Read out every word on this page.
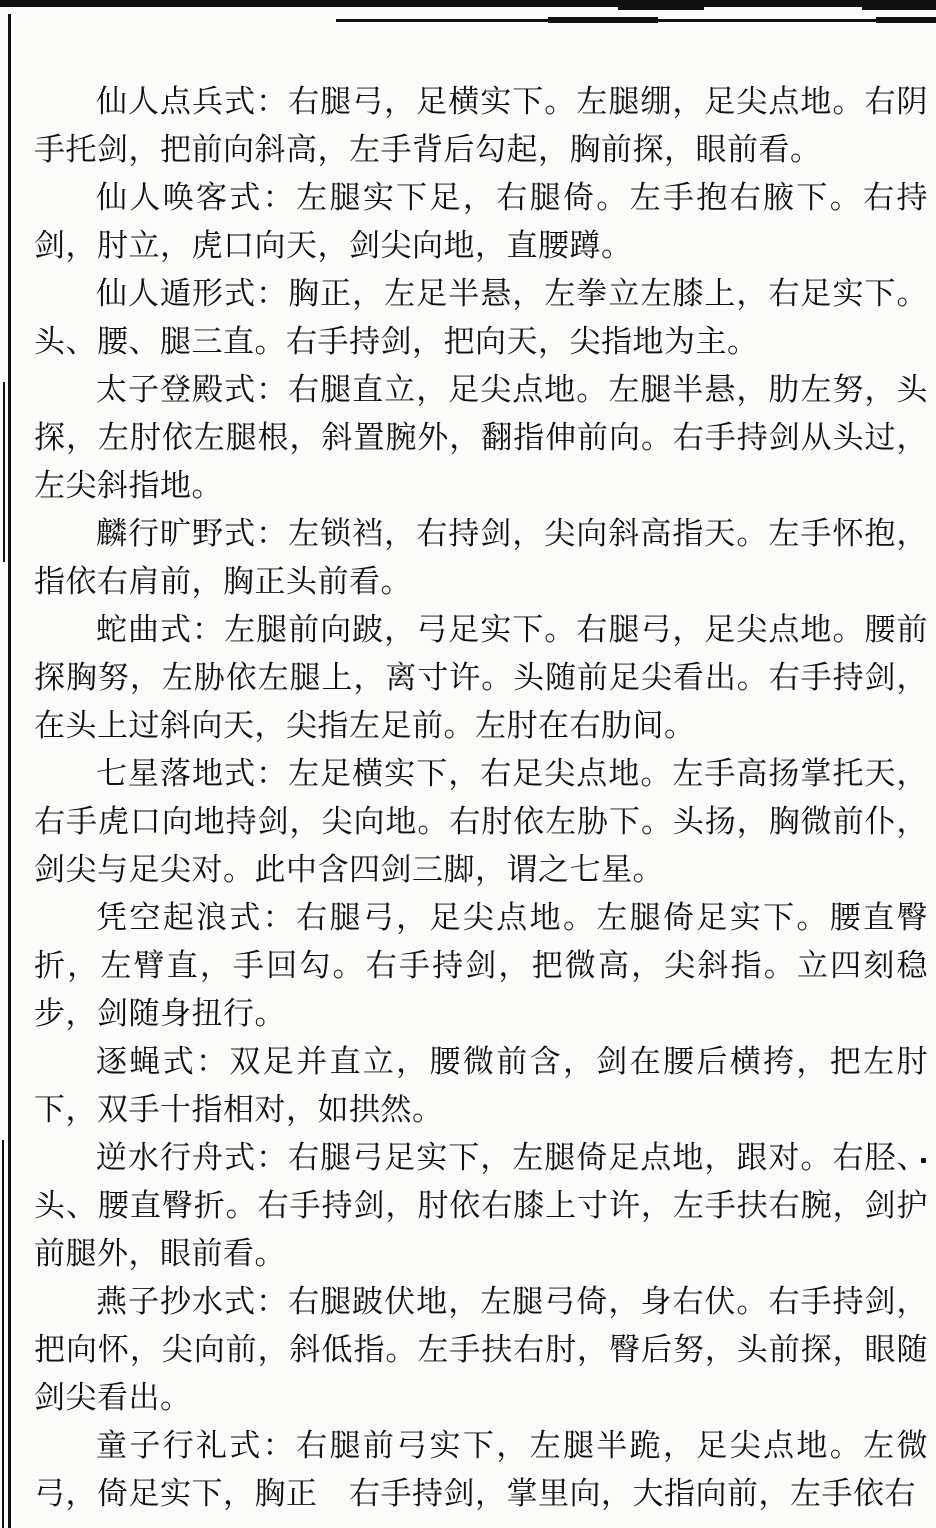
仙人点兵式：右腿弓，足横实下。左腿绷，足尖点地。右阴手托剑，把前向斜高，左手背后勾起，胸前探，眼前看。

仙人唤客式：左腿实下足，右腿倚。左手抱右腋下。右持剑，肘立，虎口向天，剑尖向地，直腰蹲。

仙人遁形式：胸正，左足半悬，左拳立左膝上，右足实下。头、腰、腿三直。右手持剑，把向天，尖指地为主。

太子登殿式：右腿直立，足尖点地。左腿半悬，肋左努，头探，左肘依左腿根，斜置腕外，翻指伸前向。右手持剑从头过，左尖斜指地。

麟行旷野式：左锁裆，右持剑，尖向斜高指天。左手怀抱，指依右肩前，胸正头前看。

蛇曲式：左腿前向跛，弓足实下。右腿弓，足尖点地。腰前探胸努，左胁依左腿上，离寸许。头随前足尖看出。右手持剑，在头上过斜向天，尖指左足前。左肘在右肋间。

七星落地式：左足横实下，右足尖点地。左手高扬掌托天，右手虎口向地持剑，尖向地。右肘依左胁下。头扬，胸微前仆，剑尖与足尖对。此中含四剑三脚，谓之七星。

凭空起浪式：右腿弓，足尖点地。左腿倚足实下。腰直臀折，左臂直，手回勾。右手持剑，把微高，尖斜指。立四刻稳步，剑随身扭行。

逐蝇式：双足并直立，腰微前含，剑在腰后横挎，把左肘下，双手十指相对，如拱然。

逆水行舟式：右腿弓足实下，左腿倚足点地，跟对。右胫、头、腰直臀折。右手持剑，肘依右膝上寸许，左手扶右腕，剑护前腿外，眼前看。

燕子抄水式：右腿跛伏地，左腿弓倚，身右伏。右手持剑，把向怀，尖向前，斜低指。左手扶右肘，臀后努，头前探，眼随剑尖看出。

童子行礼式：右腿前弓实下，左腿半跪，足尖点地。左微弓，倚足实下，胸正　右手持剑，掌里向，大指向前，左手依右
